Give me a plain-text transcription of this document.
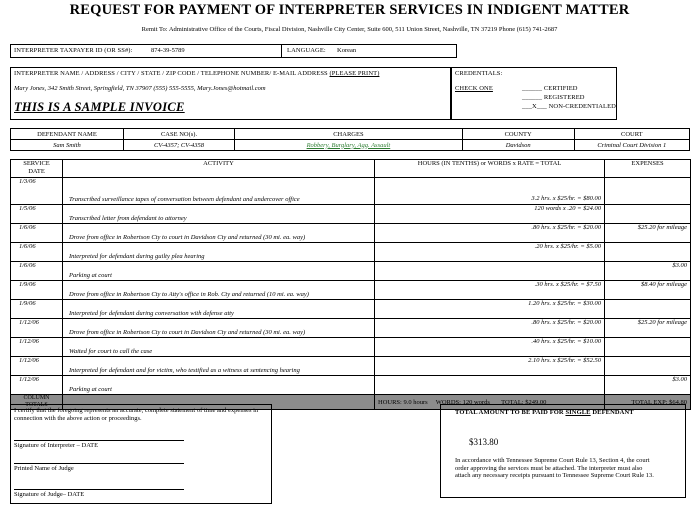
REQUEST FOR PAYMENT OF INTERPRETER SERVICES IN INDIGENT MATTER
Remit To: Administrative Office of the Courts, Fiscal Division, Nashville City Center, Suite 600, 511 Union Street, Nashville, TN 37219 Phone (615) 741-2687
INTERPRETER TAXPAYER ID (OR SS#):	874-39-5789	LANGUAGE: Korean
INTERPRETER NAME / ADDRESS / CITY / STATE / ZIP CODE / TELEPHONE NUMBER/ E-MAIL ADDRESS (PLEASE PRINT)
Mary Jones, 342 Smith Street, Springfield, TN 37907 (555) 555-5555, Mary.Jones@hotmail.com
THIS IS A SAMPLE INVOICE
CREDENTIALS:
CHECK ONE	______ CERTIFIED
______ REGISTERED
___X___ NON-CREDENTIALED
DEFENDANT NAME	CASE NO(s).	CHARGES	COUNTY	COURT
Sam Smith	CV-4357; CV-4358	Robbery, Burglary, Agg. Assault	Davidson	Criminal Court Division 1
SERVICE
DATE	ACTIVITY	HOURS (IN TENTHS) or WORDS x RATE = TOTAL	EXPENSES
1/3/06	Transcribed surveillance tapes of conversation between defendant and undercover office	3.2 hrs. x $25/hr. = $80.00	
1/5/06	Transcribed letter from defendant to attorney	120 words x .20 = $24.00	
1/6/06	Drove from office in Robertson Cty to court in Davidson Cty and returned (30 mi. ea. way)	.80 hrs. x $25/hr. = $20.00	$25.20 for mileage
1/6/06	Interpreted for defendant during guilty plea hearing	.20 hrs. x $25/hr. = $5.00	
1/6/06	Parking at court		$3.00
1/9/06	Drove from office in Robertson Cty to Atty's office in Rob. Cty and returned (10 mi. ea. way)	.30 hrs. x $25/hr. = $7.50	$8.40 for mileage
1/9/06	Interpreted for defendant during conversation with defense atty	1.20 hrs. x $25/hr. = $30.00	
1/12/06	Drove from office in Robertson Cty to court in Davidson Cty and returned (30 mi. ea. way)	.80 hrs. x $25/hr. = $20.00	$25.20 for mileage
1/12/06	Waited for court to call the case	.40 hrs. x $25/hr. = $10.00	
1/12/06	Interpreted for defendant and for victim, who testified as a witness at sentencing hearing	2.10 hrs. x $25/hr. = $52.50	
1/12/06	Parking at court		$3.00
COLUMN
TOTALS		HOURS: 9.0 hours WORDS: 120 words TOTAL: $249.00	TOTAL EXP: $64.80
I certify that the foregoing represents an accurate, complete statement of time and expenses in connection with the above action or proceedings.
Signature of Interpreter – DATE
Printed Name of Judge
Signature of Judge– DATE
TOTAL AMOUNT TO BE PAID FOR SINGLE DEFENDANT
$313.80
In accordance with Tennessee Supreme Court Rule 13, Section 4, the court order approving the services must be attached. The interpreter must also attach any necessary receipts pursuant to Tennessee Supreme Court Rule 13.
